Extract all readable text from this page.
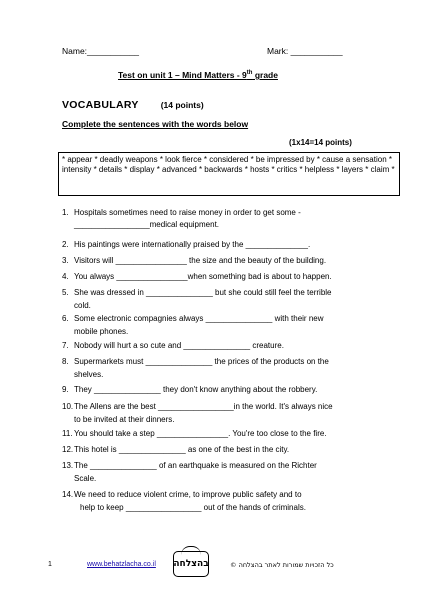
Name:___________	Mark: ___________
Test on unit 1 – Mind Matters - 9th grade
VOCABULARY	(14 points)
Complete the sentences with the words below
(1x14=14 points)
* appear * deadly weapons * look fierce * considered * be impressed by * cause a sensation * intensity * details * display * advanced * backwards * hosts * critics * helpless * layers * claim *
1. Hospitals sometimes need to raise money in order to get some -
_________________medical equipment.
2. His paintings were internationally praised by the ______________.
3. Visitors will ________________ the size and the beauty of the building.
4. You always ________________when something bad is about to happen.
5. She was dressed in _______________ but she could still feel the terrible
cold.
6. Some electronic compagnies always _______________ with their new
mobile phones.
7. Nobody will hurt a so cute and _______________ creature.
8. Supermarkets must _______________ the prices of the products on the
shelves.
9. They _______________ they don't know anything about the robbery.
10. The Allens are the best _________________in the world. It's always nice
to be invited at their dinners.
11. You should take a step ________________. You're too close to the fire.
12. This hotel is _______________ as one of the best in the city.
13. The _______________ of an earthquake is measured on the Richter
Scale.
14. We need to reduce violent crime, to improve public safety and to
help to keep _________________ out of the hands of criminals.
1	www.behatzlacha.co.il בהצלחה	כל הזכויות שמורות לאתר בהצלחה ©
